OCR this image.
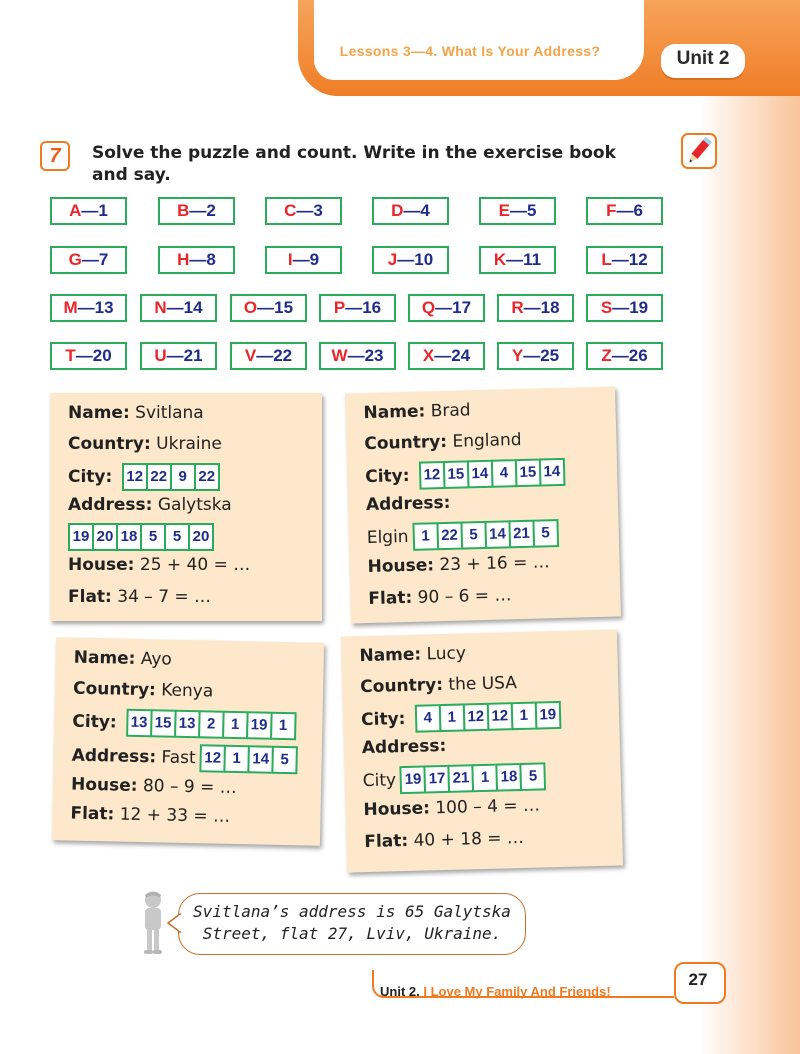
Lessons 3—4. What Is Your Address?	Unit 2
7	Solve the puzzle and count. Write in the exercise book and say.
A—1	B—2	C—3	D—4	E—5	F—6
G—7	H—8	I—9	J—10	K—11	L—12
M—13	N—14	O—15	P—16	Q—17	R—18	S—19
T—20	U—21	V—22	W—23	X—24	Y—25	Z—26
Name: Svitlana
Country: Ukraine
City: 12 22 9 22
Address: Galytska
19 20 18 5	5 20
House: 25 + 40 = …
Flat: 34 – 7 = …
Name: Brad
Country: England
City: 12 15 14 4 15 14
Address:
Elgin 1 22 5 14 21 5
House: 23 + 16 = …
Flat: 90 – 6 = …
Name: Ayo
Country: Kenya
City: 13 15 13 2	1 19 1
Address: Fast 12 1 14 5
House: 80 – 9 = …
Flat: 12 + 33 = …
Name: Lucy
Country: the USA
City:	4	1 12 12 1 19
Address:
City 19 17 21 1 18 5
House: 100 – 4 = …
Flat: 40 + 18 = …
Svitlana’s address is 65 Galytska
Street, flat 27, Lviv, Ukraine.
Unit 2. I Love My Family And Friends!
27
